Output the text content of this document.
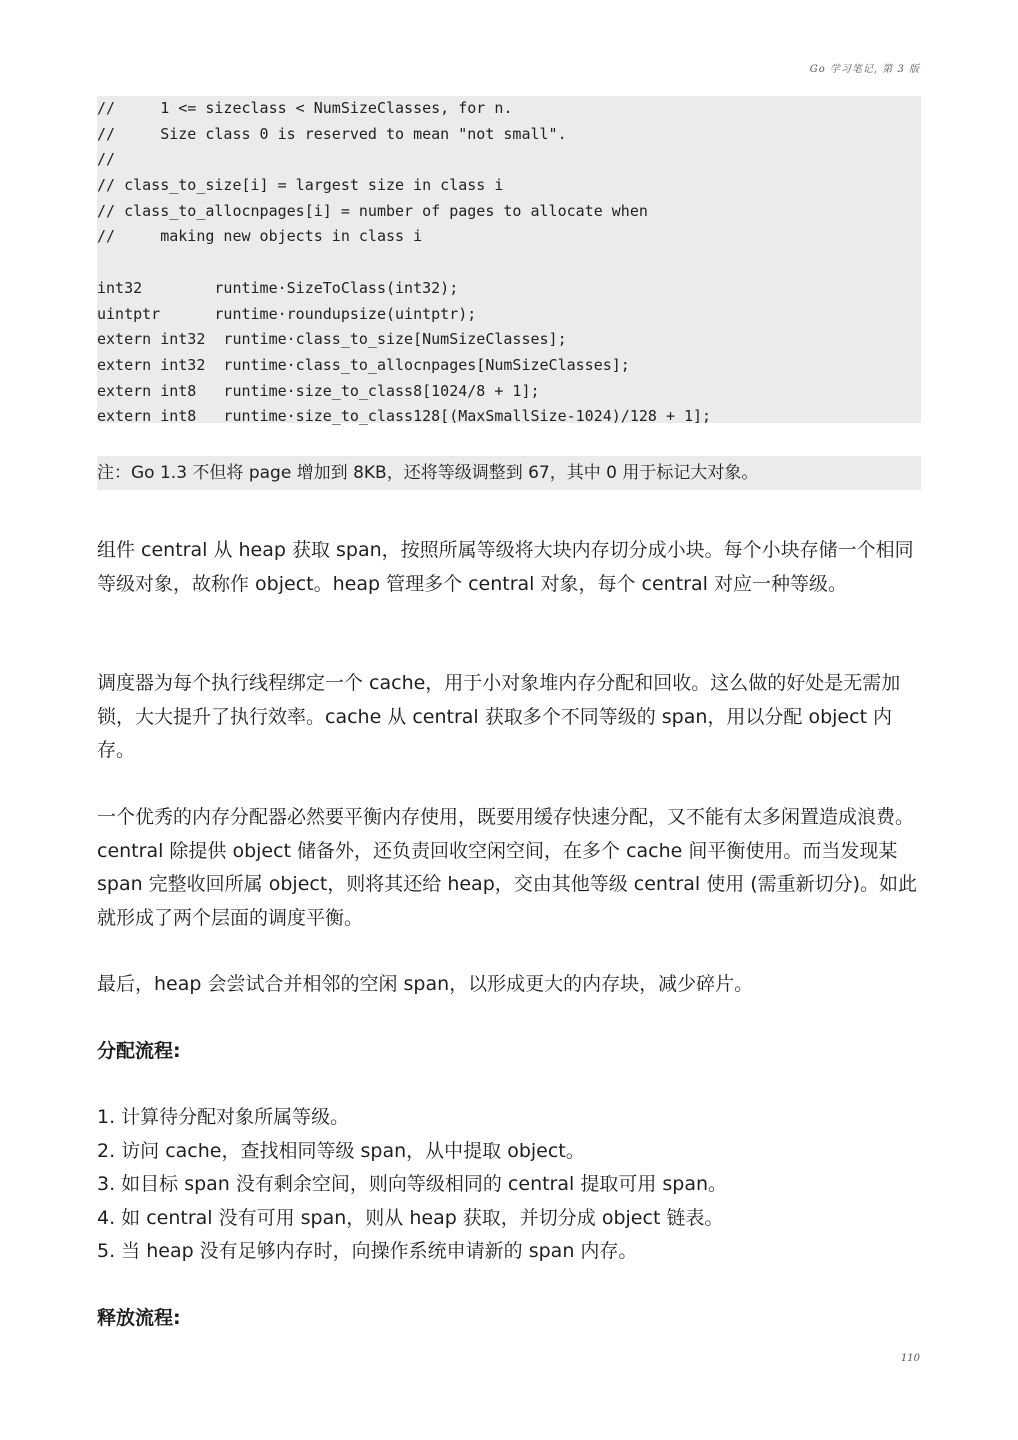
Go 学习笔记, 第 3 版
//     1 <= sizeclass < NumSizeClasses, for n.
//     Size class 0 is reserved to mean "not small".
//
// class_to_size[i] = largest size in class i
// class_to_allocnpages[i] = number of pages to allocate when
//     making new objects in class i
int32        runtime·SizeToClass(int32);
uintptr      runtime·roundupsize(uintptr);
extern int32  runtime·class_to_size[NumSizeClasses];
extern int32  runtime·class_to_allocnpages[NumSizeClasses];
extern int8   runtime·size_to_class8[1024/8 + 1];
extern int8   runtime·size_to_class128[(MaxSmallSize-1024)/128 + 1];
注：Go 1.3 不但将 page 增加到 8KB，还将等级调整到 67，其中 0 用于标记大对象。

组件 central 从 heap 获取 span，按照所属等级将大块内存切分成小块。每个小块存储一个相同等级对象，故称作 object。heap 管理多个 central 对象，每个 central 对应一种等级。

调度器为每个执行线程绑定一个 cache，用于小对象堆内存分配和回收。这么做的好处是无需加锁，大大提升了执行效率。cache 从 central 获取多个不同等级的 span，用以分配 object 内存。

一个优秀的内存分配器必然要平衡内存使用，既要用缓存快速分配，又不能有太多闲置造成浪费。central 除提供 object 储备外，还负责回收空闲空间，在多个 cache 间平衡使用。而当发现某 span 完整收回所属 object，则将其还给 heap，交由其他等级 central 使用 (需重新切分)。如此就形成了两个层面的调度平衡。

最后，heap 会尝试合并相邻的空闲 span，以形成更大的内存块，减少碎片。

分配流程:

1. 计算待分配对象所属等级。
2. 访问 cache，查找相同等级 span，从中提取 object。
3. 如目标 span 没有剩余空间，则向等级相同的 central 提取可用 span。
4. 如 central 没有可用 span，则从 heap 获取，并切分成 object 链表。
5. 当 heap 没有足够内存时，向操作系统申请新的 span 内存。

释放流程:

110
